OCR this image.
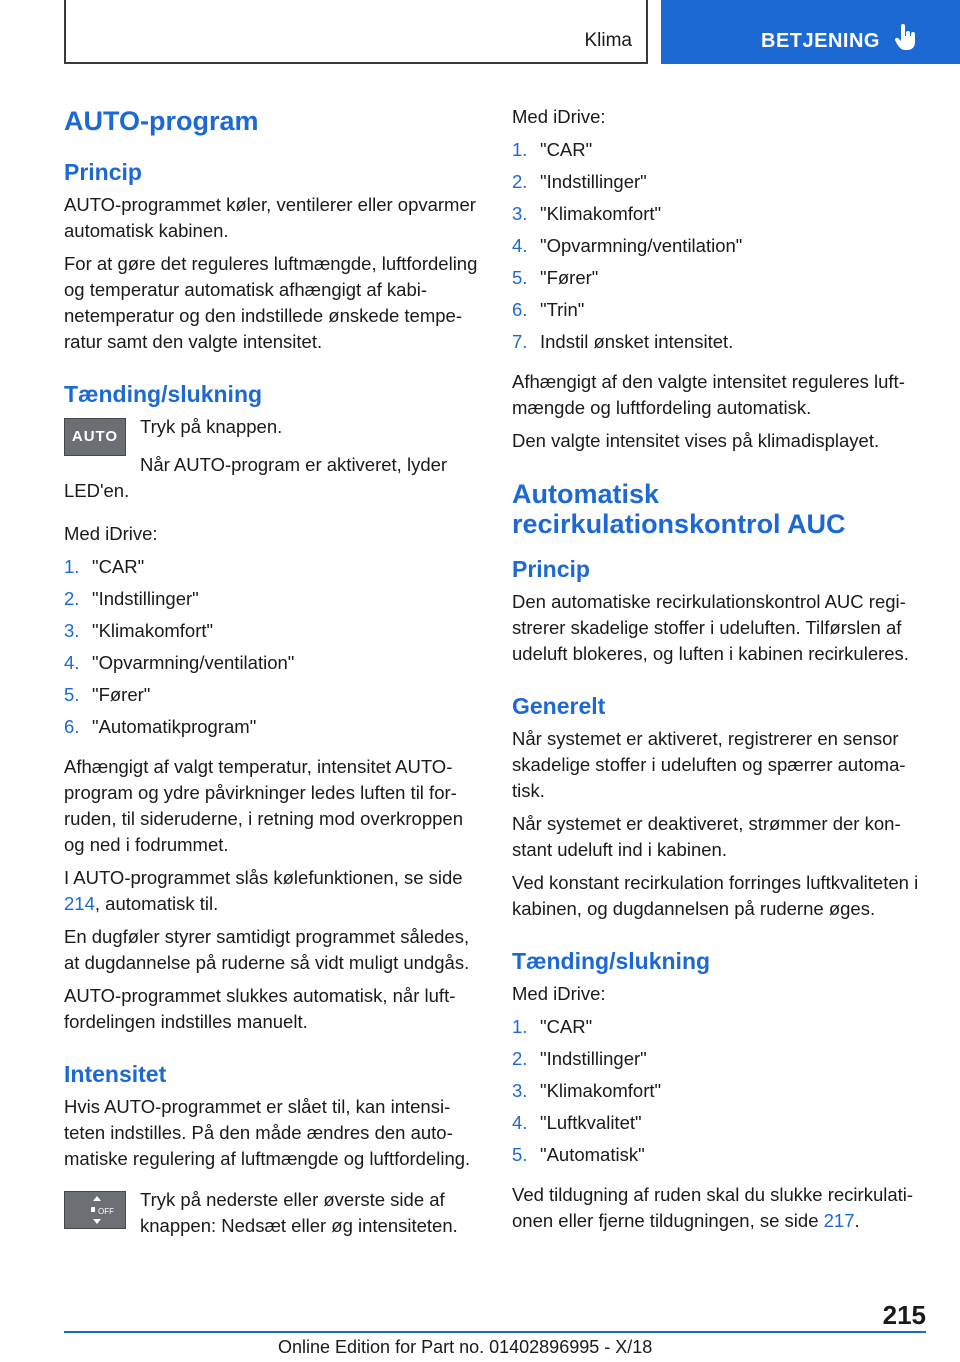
Klima	BETJENING
AUTO-program
Princip

AUTO-programmet køler, ventilerer eller opvarmer automatisk kabinen.

For at gøre det reguleres luftmængde, luftfordeling og temperatur automatisk afhængigt af kabinetemperatur og den indstillede ønskede temperatur samt den valgte intensitet.

Tænding/slukning
AUTO	Tryk på knappen.

Når AUTO-program er aktiveret, lyder

LED'en.

Med iDrive:

1. "CAR"
2. "Indstillinger"
3. "Klimakomfort"
4. "Opvarmning/ventilation"
5. "Fører"
6. "Automatikprogram"

Afhængigt af valgt temperatur, intensitet AUTO-program og ydre påvirkninger ledes luften til forruden, til sideruderne, i retning mod overkroppen og ned i fodrummet.

I AUTO-programmet slås kølefunktionen, se side 214, automatisk til.

En dugføler styrer samtidigt programmet således, at dugdannelse på ruderne så vidt muligt undgås.

AUTO-programmet slukkes automatisk, når luftfordelingen indstilles manuelt.

Intensitet

Hvis AUTO-programmet er slået til, kan intensiteten indstilles. På den måde ændres den automatiske regulering af luftmængde og luftfordeling.

OFF

Tryk på nederste eller øverste side af knappen: Nedsæt eller øg intensiteten.

Med iDrive:

1. "CAR"
2. "Indstillinger"
3. "Klimakomfort"
4. "Opvarmning/ventilation"
5. "Fører"
6. "Trin"
7. Indstil ønsket intensitet.

Afhængigt af den valgte intensitet reguleres luftmængde og luftfordeling automatisk.

Den valgte intensitet vises på klimadisplayet.

Automatisk recirkulationskontrol AUC
Princip

Den automatiske recirkulationskontrol AUC registrerer skadelige stoffer i udeluften. Tilførslen af udeluft blokeres, og luften i kabinen recirkuleres.

Generelt

Når systemet er aktiveret, registrerer en sensor skadelige stoffer i udeluften og spærrer automatisk.

Når systemet er deaktiveret, strømmer der konstant udeluft ind i kabinen.

Ved konstant recirkulation forringes luftkvaliteten i kabinen, og dugdannelsen på ruderne øges.

Tænding/slukning

Med iDrive:

1. "CAR"
2. "Indstillinger"
3. "Klimakomfort"
4. "Luftkvalitet"
5. "Automatisk"

Ved tildugning af ruden skal du slukke recirkulationen eller fjerne tildugningen, se side 217.

215
Online Edition for Part no. 01402896995 - X/18
